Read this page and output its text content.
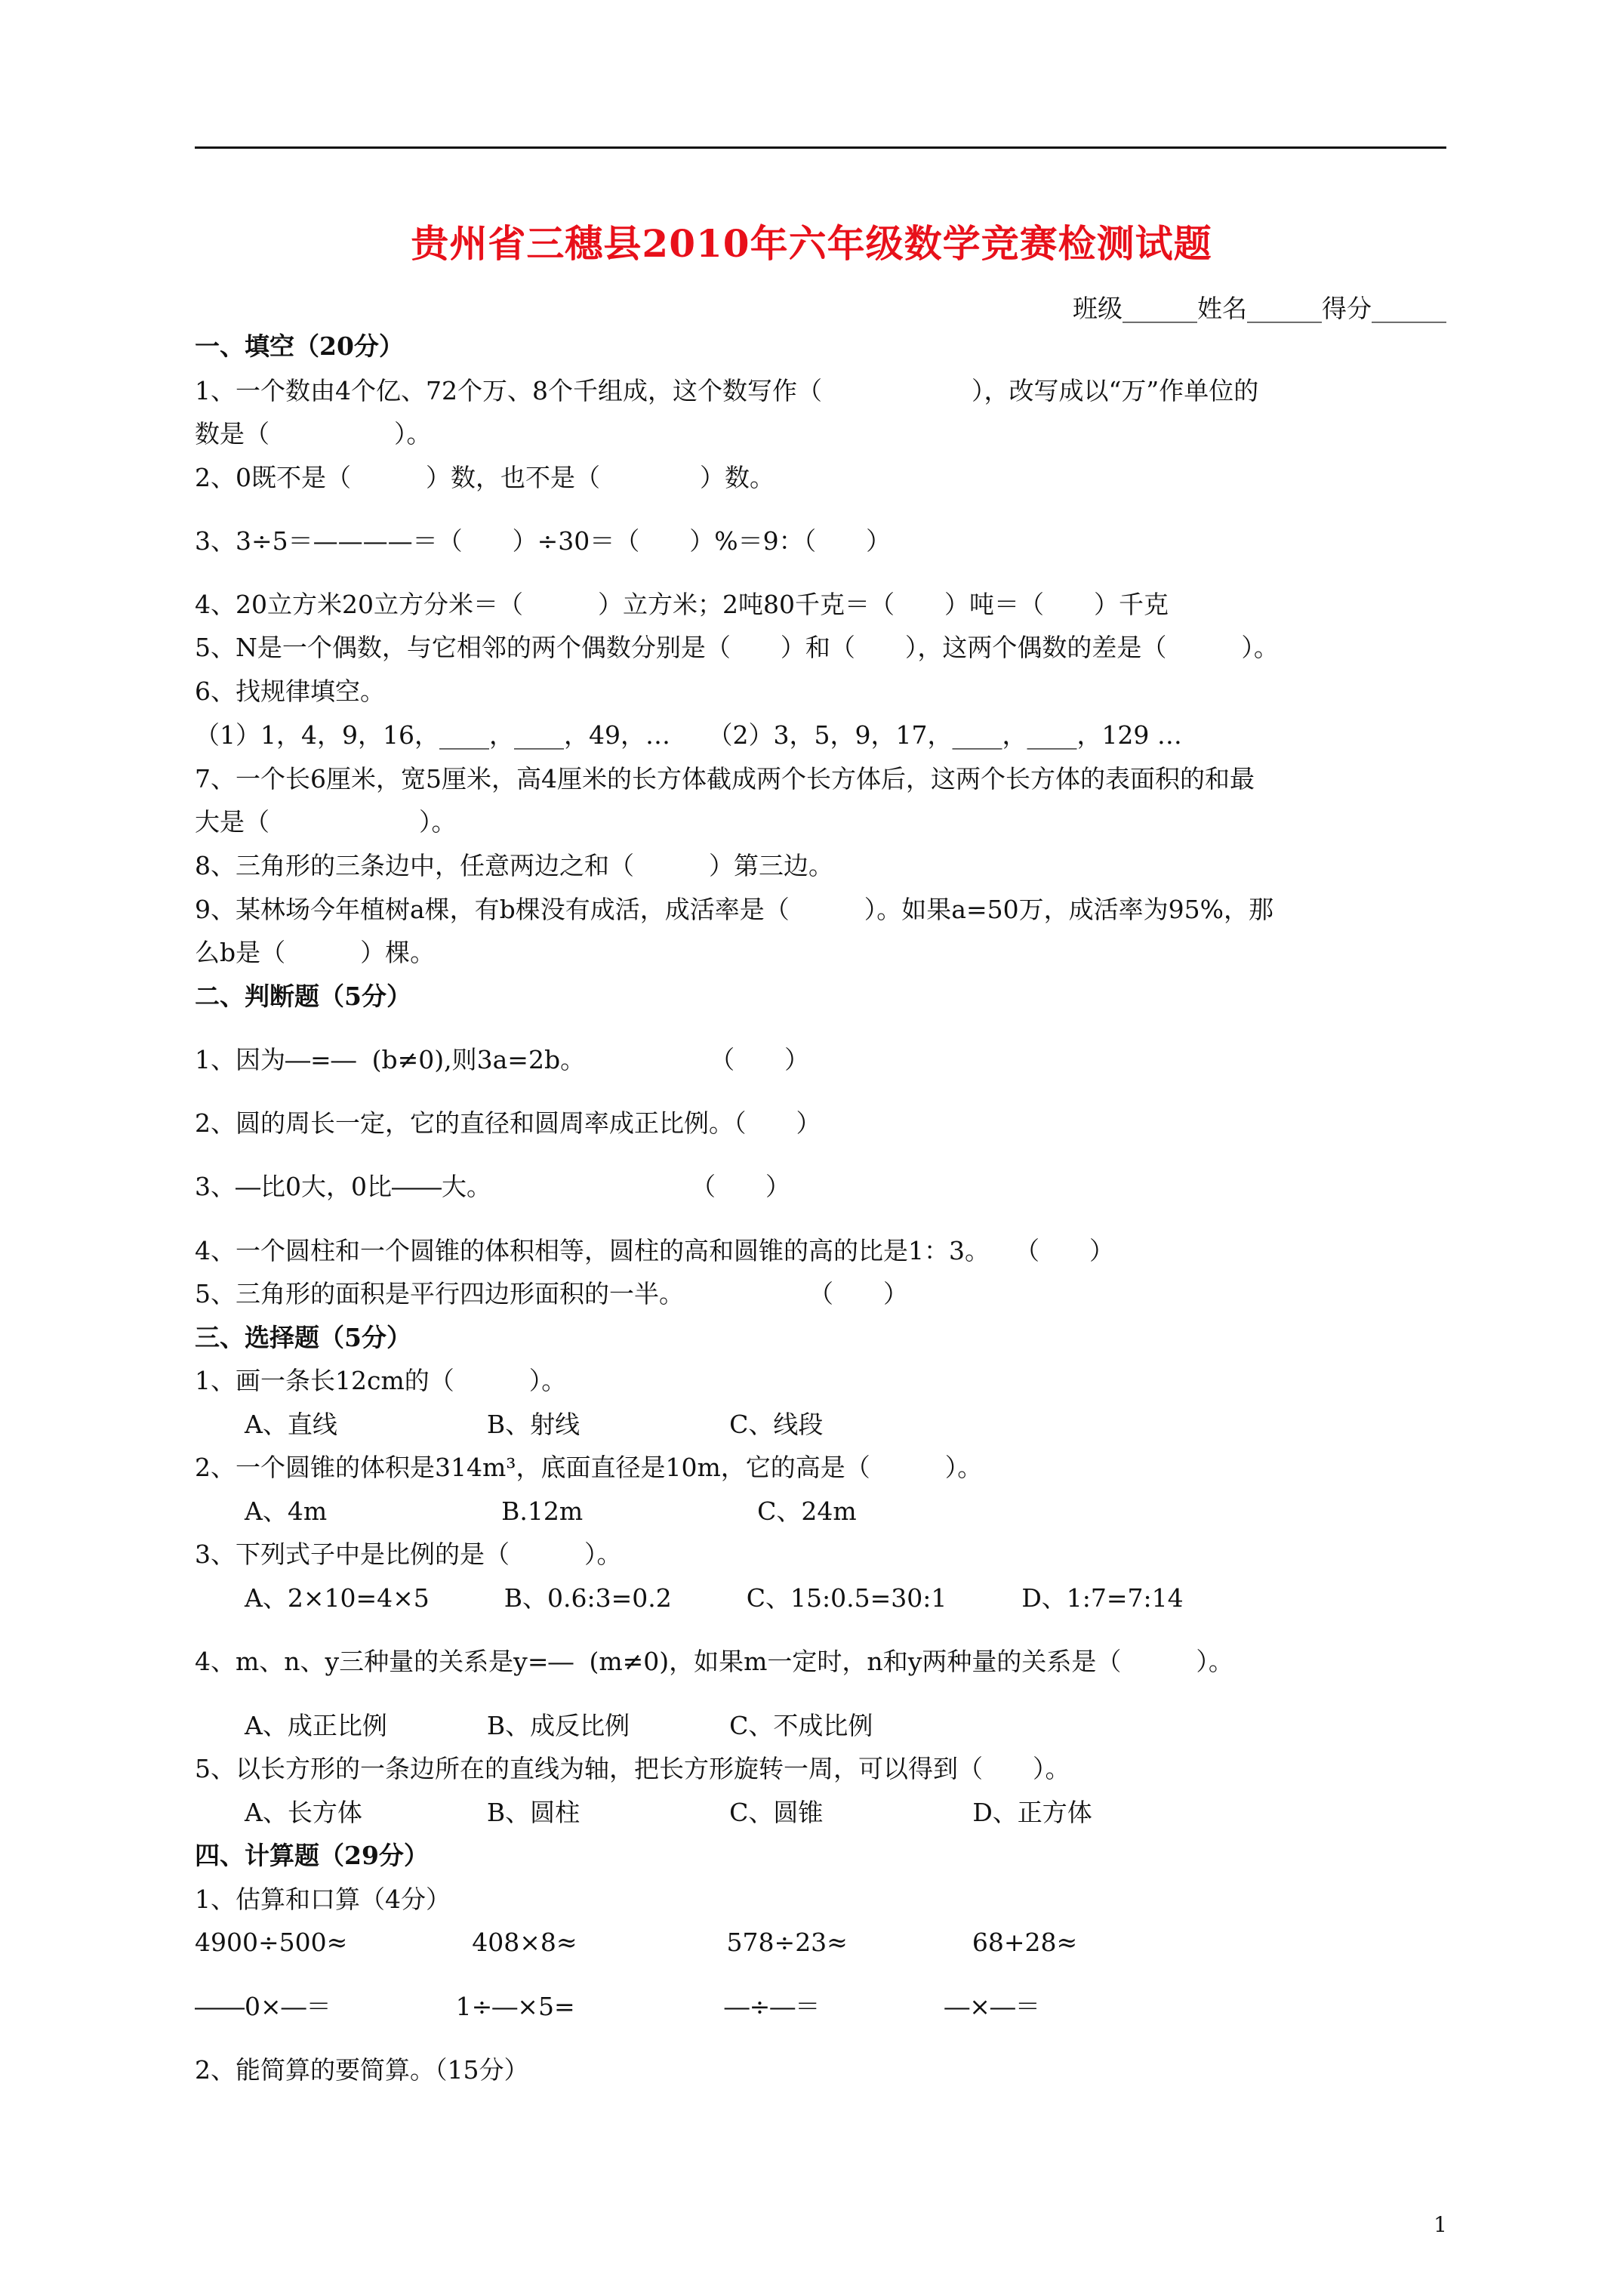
贵州省三穗县2010年六年级数学竞赛检测试题
班级______姓名______得分______
一、填空（20分）
1、一个数由4个亿、72个万、8个千组成，这个数写作（　　　　　　），改写成以“万”作单位的
数是（　　　　　）。
2、0既不是（　　　）数，也不是（　　　　）数。
3、3÷5＝————＝（　　）÷30＝（　　）%＝9：（　　）
4、20立方米20立方分米＝（　　　）立方米；2吨80千克＝（　　）吨＝（　　）千克
5、N是一个偶数，与它相邻的两个偶数分别是（　　）和（　　），这两个偶数的差是（　　　）。
6、找规律填空。
（1）1，4，9，16，____，____，49，…　　（2）3，5，9，17，____，____，129 …
7、一个长6厘米，宽5厘米，高4厘米的长方体截成两个长方体后，这两个长方体的表面积的和最
大是（　　　　　　）。
8、三角形的三条边中，任意两边之和（　　　）第三边。
9、某林场今年植树a棵，有b棵没有成活，成活率是（　　　）。如果a=50万，成活率为95%，那
么b是（　　　）棵。
二、判断题（5分）
1、因为―=―  (b≠0),则3a=2b。　　　　　　（　　）
2、圆的周长一定，它的直径和圆周率成正比例。（　　）
3、―比0大，0比――大。　　　　　　　　　（　　）
4、一个圆柱和一个圆锥的体积相等，圆柱的高和圆锥的高的比是1：3。　　（　　）
5、三角形的面积是平行四边形面积的一半。　　　　　　（　　）
三、选择题（5分）
1、画一条长12cm的（　　　）。
　　A、直线　　　　　　B、射线　　　　　　C、线段
2、一个圆锥的体积是314m³，底面直径是10m，它的高是（　　　）。
　　A、4m　　　　　　　B.12m　　　　　　　C、24m
3、下列式子中是比例的是（　　　）。
　　A、2×10=4×5　　　B、0.6:3=0.2　　　C、15:0.5=30:1　　　D、1:7=7:14
4、m、n、y三种量的关系是y=―  (m≠0)，如果m一定时，n和y两种量的关系是（　　　）。
　　A、成正比例　　　　B、成反比例　　　　C、不成比例
5、以长方形的一条边所在的直线为轴，把长方形旋转一周，可以得到（　　）。
　　A、长方体　　　　　B、圆柱　　　　　　C、圆锥　　　　　　D、正方体
四、计算题（29分）
1、估算和口算（4分）
4900÷500≈　　　　　408×8≈　　　　　　578÷23≈　　　　　68+28≈
――0×―＝　　　　　1÷―×5=　　　　　　―÷―＝　　　　　―×―＝
2、能简算的要简算。（15分）
1
